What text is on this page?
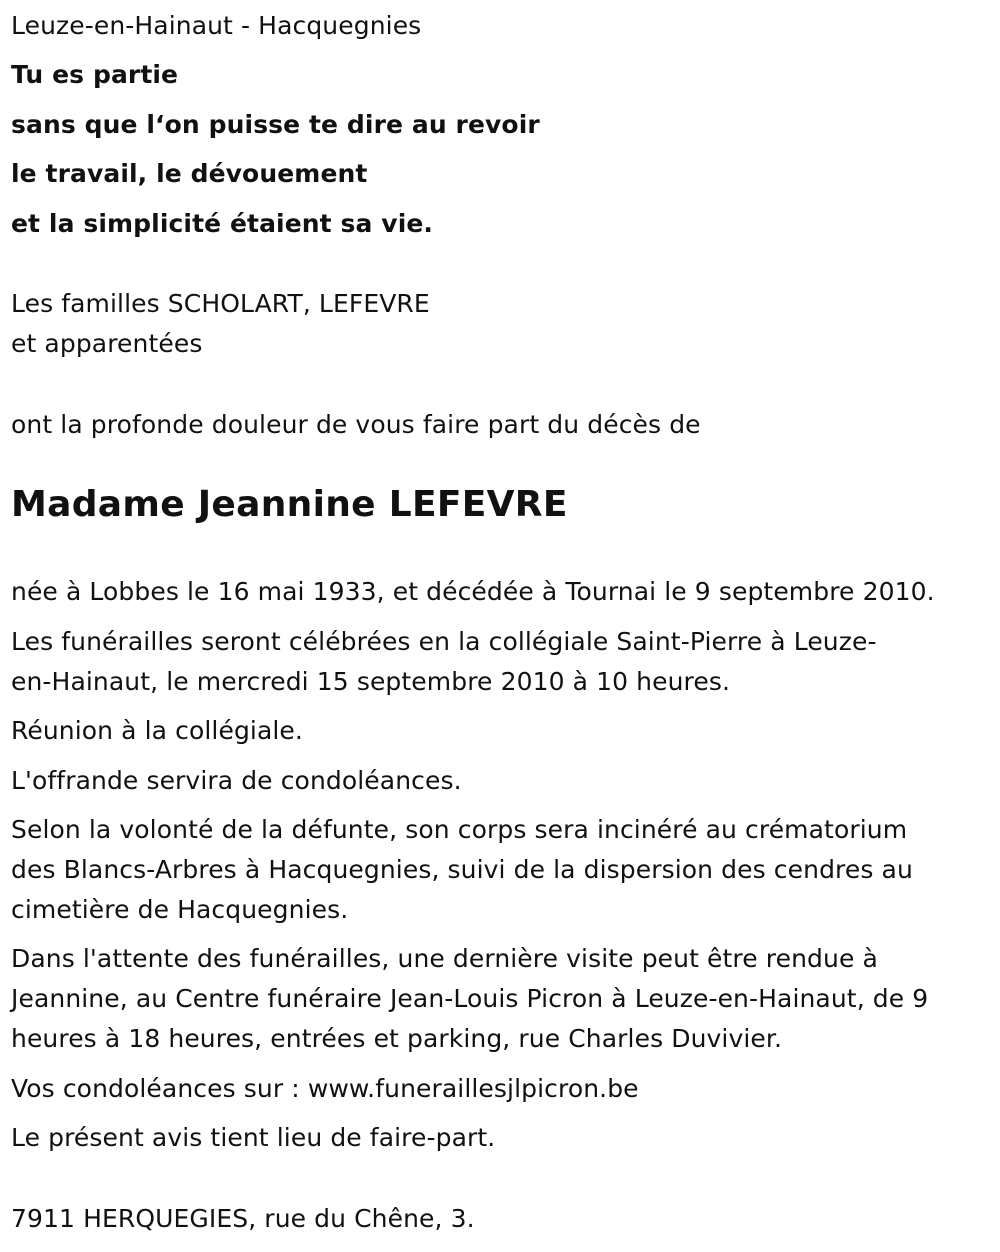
Leuze-en-Hainaut - Hacquegnies

Tu es partie

sans que l‘on puisse te dire au revoir

le travail, le dévouement

et la simplicité étaient sa vie.

Les familles SCHOLART, LEFEVRE

et apparentées

ont la profonde douleur de vous faire part du décès de

Madame Jeannine LEFEVRE

née à Lobbes le 16 mai 1933, et décédée à Tournai le 9 septembre 2010.

Les funérailles seront célébrées en la collégiale Saint-Pierre à Leuze-

en-Hainaut, le mercredi 15 septembre 2010 à 10 heures.

Réunion à la collégiale.

L'offrande servira de condoléances.

Selon la volonté de la défunte, son corps sera incinéré au crématorium

des Blancs-Arbres à Hacquegnies, suivi de la dispersion des cendres au

cimetière de Hacquegnies.

Dans l'attente des funérailles, une dernière visite peut être rendue à

Jeannine, au Centre funéraire Jean-Louis Picron à Leuze-en-Hainaut, de 9

heures à 18 heures, entrées et parking, rue Charles Duvivier.

Vos condoléances sur : www.funeraillesjlpicron.be

Le présent avis tient lieu de faire-part.

7911 HERQUEGIES, rue du Chêne, 3.
